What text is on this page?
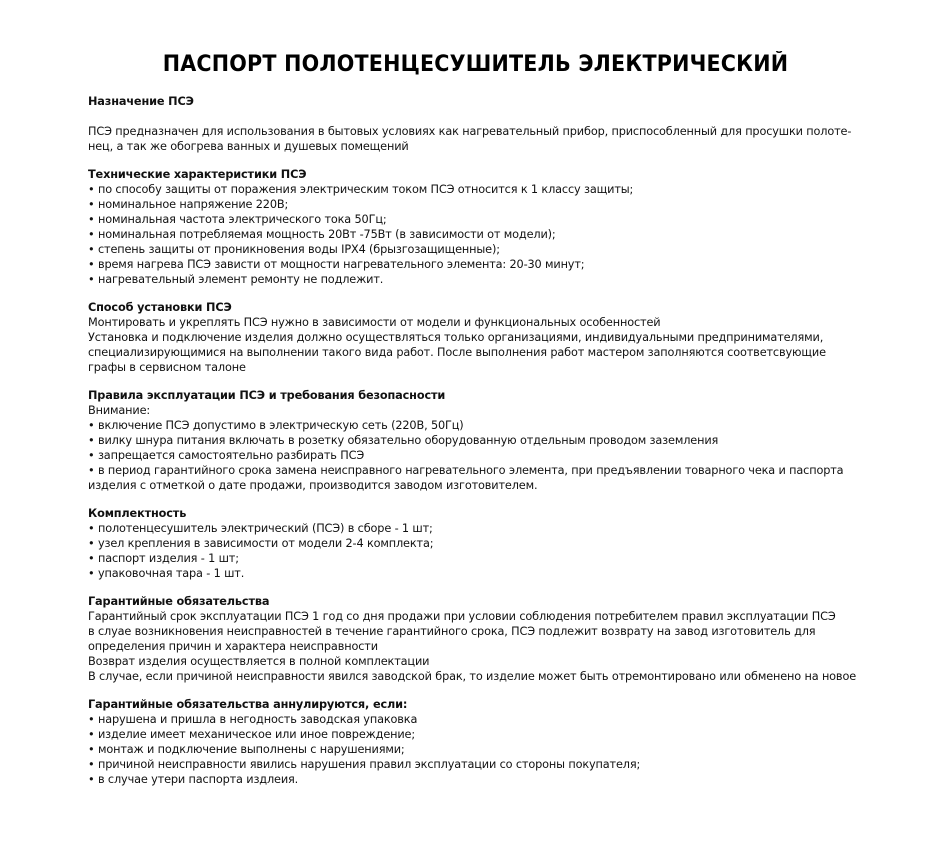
ПАСПОРТ ПОЛОТЕНЦЕСУШИТЕЛЬ ЭЛЕКТРИЧЕСКИЙ

Назначение ПСЭ

ПСЭ предназначен для использования в бытовых условиях как нагревательный прибор, приспособленный для просушки полоте-

нец, а так же обогрева ванных и душевых помещений

Технические характеристики ПСЭ

• по способу защиты от поражения электрическим током ПСЭ относится к 1 классу защиты;
• номинальное напряжение 220В;
• номинальная частота электрического тока 50Гц;
• номинальная потребляемая мощность 20Вт -75Вт (в зависимости от модели);
• степень защиты от проникновения воды IPX4 (брызгозащищенные);
• время нагрева ПСЭ зависти от мощности нагревательного элемента: 20-30 минут;
• нагревательный элемент ремонту не подлежит.

Способ установки ПСЭ

Монтировать и укреплять ПСЭ нужно в зависимости от модели и функциональных особенностей

Установка и подключение изделия должно осуществляться только организациями, индивидуальными предпринимателями,

специализирующимися на выполнении такого вида работ. После выполнения работ мастером заполняются соответсвующие

графы в сервисном талоне

Правила эксплуатации ПСЭ и требования безопасности

Внимание:

• включение ПСЭ допустимо в электрическую сеть (220В, 50Гц)

• вилку шнура питания включать в розетку обязательно оборудованную отдельным проводом заземления

• запрещается самостоятельно разбирать ПСЭ

• в период гарантийного срока замена неисправного нагревательного элемента, при предъявлении товарного чека и паспорта

изделия с отметкой о дате продажи, производится заводом изготовителем.

Комплектность

• полотенцесушитель электрический (ПСЭ) в сборе - 1 шт;
• узел крепления в зависимости от модели 2-4 комплекта;
• паспорт изделия - 1 шт;
• упаковочная тара - 1 шт.

Гарантийные обязательства

Гарантийный срок эксплуатации ПСЭ 1 год со дня продажи при условии соблюдения потребителем правил эксплуатации ПСЭ

в слуае возникновения неисправностей в течение гарантийного срока, ПСЭ подлежит возврату на завод изготовитель для

определения причин и характера неисправности

Возврат изделия осуществляется в полной комплектации

В случае, если причиной неисправности явился заводской брак, то изделие может быть отремонтировано или обменено на новое

Гарантийные обязательства аннулируются, если:

• нарушена и пришла в негодность заводская упаковка
• изделие имеет механическое или иное повреждение;
• монтаж и подключение выполнены с нарушениями;
• причиной неисправности явились нарушения правил эксплуатации со стороны покупателя;
• в случае утери паспорта издлеия.
